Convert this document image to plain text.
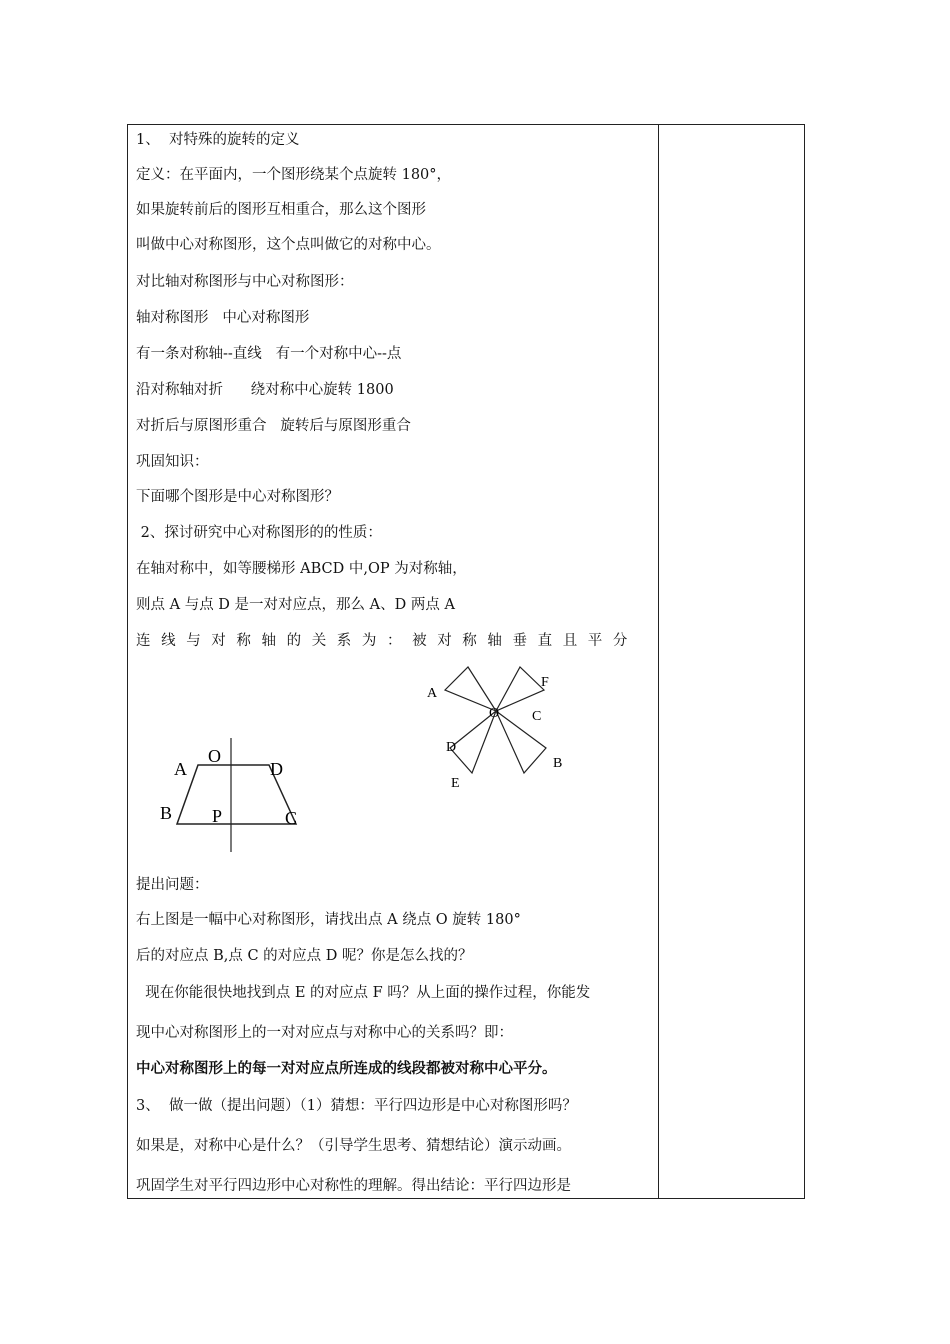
1、  对特殊的旋转的定义
定义：在平面内，一个图形绕某个点旋转 180°，
如果旋转前后的图形互相重合，那么这个图形
叫做中心对称图形，这个点叫做它的对称中心。
对比轴对称图形与中心对称图形：
轴对称图形   中心对称图形
有一条对称轴--直线   有一个对称中心--点
沿对称轴对折      绕对称中心旋转 1800
对折后与原图形重合   旋转后与原图形重合
巩固知识：
下面哪个图形是中心对称图形？
2、探讨研究中心对称图形的的性质：
在轴对称中，如等腰梯形 ABCD 中,OP 为对称轴，
则点 A 与点 D 是一对对应点，那么 A、D 两点 A
连线与对称轴的关系为：被对称轴垂直且平分
A
O
D
B P	C
A
F
O C
D
B
E
提出问题：
右上图是一幅中心对称图形，请找出点 A 绕点 O 旋转 180°
后的对应点 B,点 C 的对应点 D 呢？你是怎么找的？
现在你能很快地找到点 E 的对应点 F 吗？从上面的操作过程，你能发
现中心对称图形上的一对对应点与对称中心的关系吗？即：
中心对称图形上的每一对对应点所连成的线段都被对称中心平分。
3、  做一做（提出问题）（1）猜想：平行四边形是中心对称图形吗？
如果是，对称中心是什么？（引导学生思考、猜想结论）演示动画。
巩固学生对平行四边形中心对称性的理解。得出结论：平行四边形是
